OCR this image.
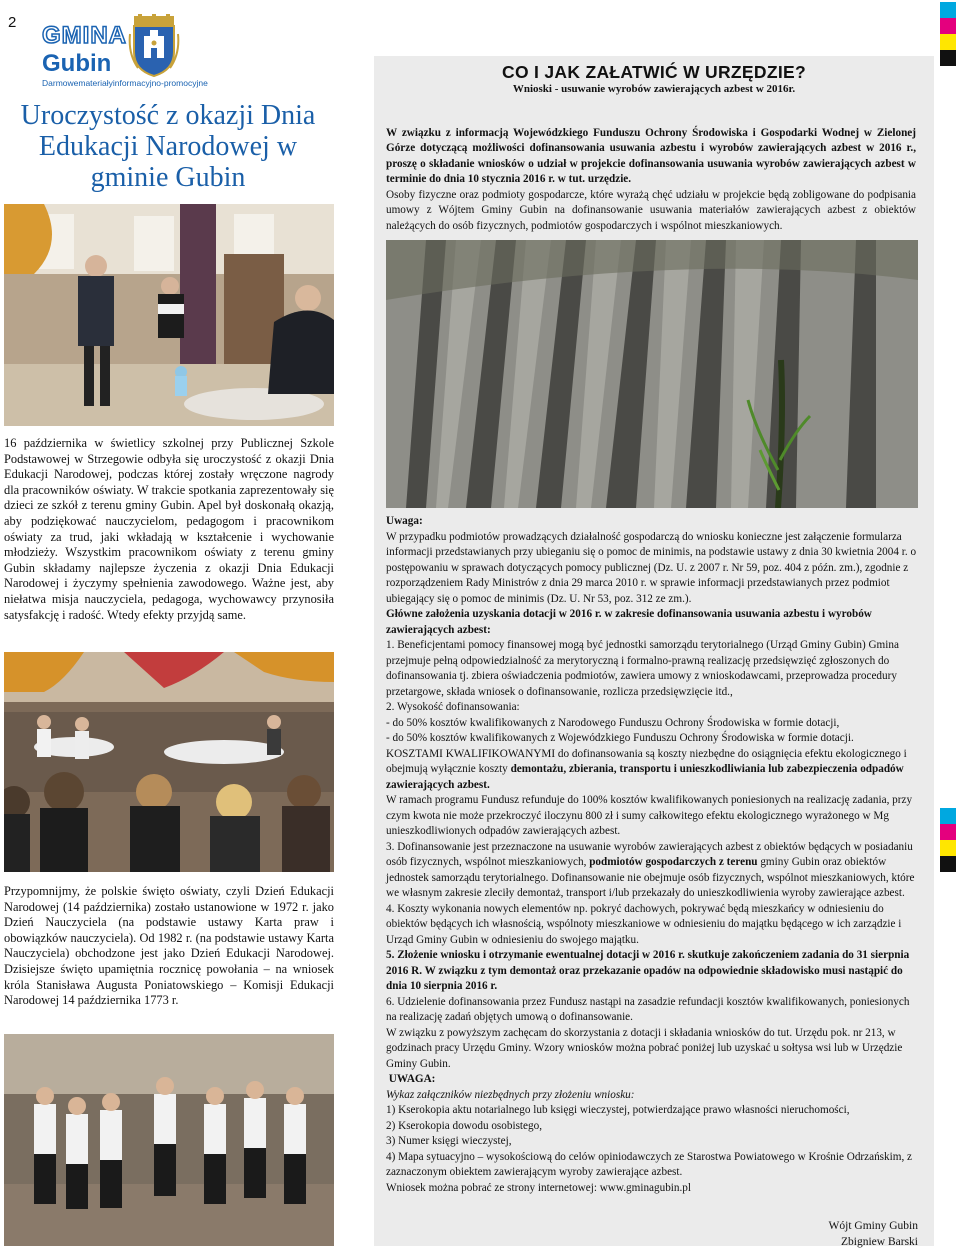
2 GMINA
Gubin
Darmowemateriałyinformacyjno-promocyjne
Uroczystość z okazji Dnia Edukacji Narodowej w gminie Gubin
16 października w świetlicy szkolnej przy Publicznej Szkole Podstawowej w Strzegowie odbyła się uroczystość z okazji Dnia Edukacji Narodowej, podczas której zostały wręczone nagrody dla pracowników oświaty. W trakcie spotkania zaprezentowały się dzieci ze szkół z terenu gminy Gubin. Apel był doskonałą okazją, aby podziękować nauczycielom, pedagogom i pracownikom oświaty za trud, jaki wkładają w kształcenie i wychowanie młodzieży. Wszystkim pracownikom oświaty z terenu gminy Gubin składamy najlepsze życzenia z okazji Dnia Edukacji Narodowej i życzymy spełnienia zawodowego. Ważne jest, aby niełatwa misja nauczyciela, pedagoga, wychowawcy przynosiła satysfakcję i radość. Wtedy efekty przyjdą same.
Przypomnijmy, że polskie święto oświaty, czyli Dzień Edukacji Narodowej (14 października) zostało ustanowione w 1972 r. jako Dzień Nauczyciela (na podstawie ustawy Karta praw i obowiązków nauczyciela). Od 1982 r. (na podstawie ustawy Karta Nauczyciela) obchodzone jest jako Dzień Edukacji Narodowej. Dzisiejsze święto upamiętnia rocznicę powołania – na wniosek króla Stanisława Augusta Poniatowskiego – Komisji Edukacji Narodowej 14 października 1773 r.
CO I JAK ZAŁATWIĆ W URZĘDZIE?
Wnioski - usuwanie wyrobów zawierających azbest w 2016r.
W związku z informacją Wojewódzkiego Funduszu Ochrony Środowiska i Gospodarki Wodnej w Zielonej Górze dotyczącą możliwości dofinansowania usuwania azbestu i wyrobów zawierających azbest w 2016 r., proszę o składanie wniosków o udział w projekcie dofinansowania usuwania wyrobów zawierających azbest w terminie do dnia 10 stycznia 2016 r. w tut. urzędzie.
Osoby fizyczne oraz podmioty gospodarcze, które wyrażą chęć udziału w projekcie będą zobligowane do podpisania umowy z Wójtem Gminy Gubin na dofinansowanie usuwania materiałów zawierających azbest z obiektów należących do osób fizycznych, podmiotów gospodarczych i wspólnot mieszkaniowych.

Uwaga:

W przypadku podmiotów prowadzących działalność gospodarczą do wniosku konieczne jest załączenie formularza informacji przedstawianych przy ubieganiu się o pomoc de minimis, na podstawie ustawy z dnia 30 kwietnia 2004 r. o postępowaniu w sprawach dotyczących pomocy publicznej (Dz. U. z 2007 r. Nr 59, poz. 404 z późn. zm.), zgodnie z rozporządzeniem Rady Ministrów z dnia 29 marca 2010 r. w sprawie informacji przedstawianych przez podmiot ubiegający się o pomoc de minimis (Dz. U. Nr 53, poz. 312 ze zm.).

Główne założenia uzyskania dotacji w 2016 r. w zakresie dofinansowania usuwania azbestu i wyrobów zawierających azbest:

1. Beneficjentami pomocy finansowej mogą być jednostki samorządu terytorialnego (Urząd Gminy Gubin) Gmina przejmuje pełną odpowiedzialność za merytoryczną i formalno-prawną realizację przedsięwzięć zgłoszonych do dofinansowania tj. zbiera oświadczenia podmiotów, zawiera umowy z wnioskodawcami, przeprowadza procedury przetargowe, składa wniosek o dofinansowanie, rozlicza przedsięwzięcie itd.,

2. Wysokość dofinansowania:

- do 50% kosztów kwalifikowanych z Narodowego Funduszu Ochrony Środowiska w formie dotacji,

- do 50% kosztów kwalifikowanych z Wojewódzkiego Funduszu Ochrony Środowiska w formie dotacji.

KOSZTAMI KWALIFIKOWANYMI do dofinansowania są koszty niezbędne do osiągnięcia efektu ekologicznego i obejmują wyłącznie koszty demontażu, zbierania, transportu i unieszkodliwiania lub zabezpieczenia odpadów zawierających azbest.

W ramach programu Fundusz refunduje do 100% kosztów kwalifikowanych poniesionych na realizację zadania, przy czym kwota nie może przekroczyć iloczynu 800 zł i sumy całkowitego efektu ekologicznego wyrażonego w Mg unieszkodliwionych odpadów zawierających azbest.

3. Dofinansowanie jest przeznaczone na usuwanie wyrobów zawierających azbest z obiektów będących w posiadaniu osób fizycznych, wspólnot mieszkaniowych, podmiotów gospodarczych z terenu gminy Gubin oraz obiektów jednostek samorządu terytorialnego. Dofinansowanie nie obejmuje osób fizycznych, wspólnot mieszkaniowych, które we własnym zakresie zleciły demontaż, transport i/lub przekazały do unieszkodliwienia wyroby zawierające azbest.

4. Koszty wykonania nowych elementów np. pokryć dachowych, pokrywać będą mieszkańcy w odniesieniu do obiektów będących ich własnością, wspólnoty mieszkaniowe w odniesieniu do majątku będącego w ich zarządzie i Urząd Gminy Gubin w odniesieniu do swojego majątku.

5. Złożenie wniosku i otrzymanie ewentualnej dotacji w 2016 r. skutkuje zakończeniem zadania do 31 sierpnia 2016 R. W związku z tym demontaż oraz przekazanie opadów na odpowiednie składowisko musi nastąpić do dnia 10 sierpnia 2016 r.

6. Udzielenie dofinansowania przez Fundusz nastąpi na zasadzie refundacji kosztów kwalifikowanych, poniesionych na realizację zadań objętych umową o dofinansowanie.

W związku z powyższym zachęcam do skorzystania z dotacji i składania wniosków do tut. Urzędu pok. nr 213, w godzinach pracy Urzędu Gminy. Wzory wniosków można pobrać poniżej lub uzyskać u sołtysa wsi lub w Urzędzie Gminy Gubin.

UWAGA:

Wykaz załączników niezbędnych przy złożeniu wniosku:

1) Kserokopia aktu notarialnego lub księgi wieczystej, potwierdzające prawo własności nieruchomości,

2) Kserokopia dowodu osobistego,

3) Numer księgi wieczystej,

4) Mapa sytuacyjno – wysokościową do celów opiniodawczych ze Starostwa Powiatowego w Krośnie Odrzańskim, z zaznaczonym obiektem zawierającym wyroby zawierające azbest.

Wniosek można pobrać ze strony internetowej: www.gminagubin.pl

Wójt Gminy Gubin
Zbigniew Barski
